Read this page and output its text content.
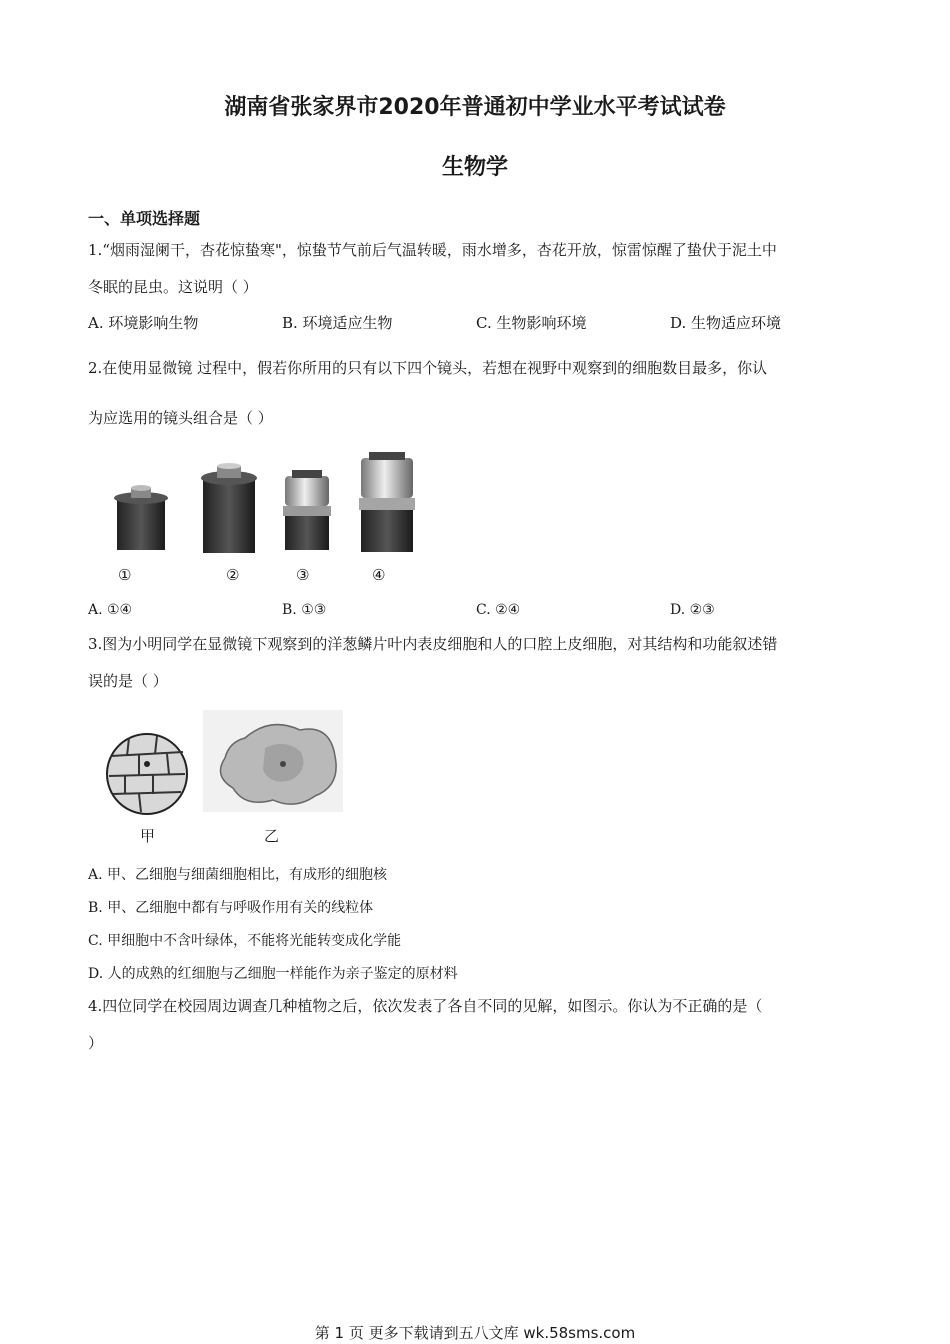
湖南省张家界市2020年普通初中学业水平考试试卷
生物学
一、单项选择题
1.“烟雨湿阑干，杏花惊蛰寒"，惊蛰节气前后气温转暖，雨水增多，杏花开放，惊雷惊醒了蛰伏于泥土中
冬眠的昆虫。这说明（ ）
A. 环境影响生物	B. 环境适应生物	C. 生物影响环境	D. 生物适应环境
2.在使用显微镜 过程中，假若你所用的只有以下四个镜头，若想在视野中观察到的细胞数目最多，你认
为应选用的镜头组合是（ ）
①	②	③	④
A. ①④	B. ①③	C. ②④	D. ②③
3.图为小明同学在显微镜下观察到的洋葱鳞片叶内表皮细胞和人的口腔上皮细胞，对其结构和功能叙述错
误的是（ ）
甲	乙
A. 甲、乙细胞与细菌细胞相比，有成形的细胞核
B. 甲、乙细胞中都有与呼吸作用有关的线粒体
C. 甲细胞中不含叶绿体，不能将光能转变成化学能
D. 人的成熟的红细胞与乙细胞一样能作为亲子鉴定的原材料
4.四位同学在校园周边调查几种植物之后，依次发表了各自不同的见解，如图示。你认为不正确的是（
）
第 1 页 更多下载请到五八文库 wk.58sms.com
